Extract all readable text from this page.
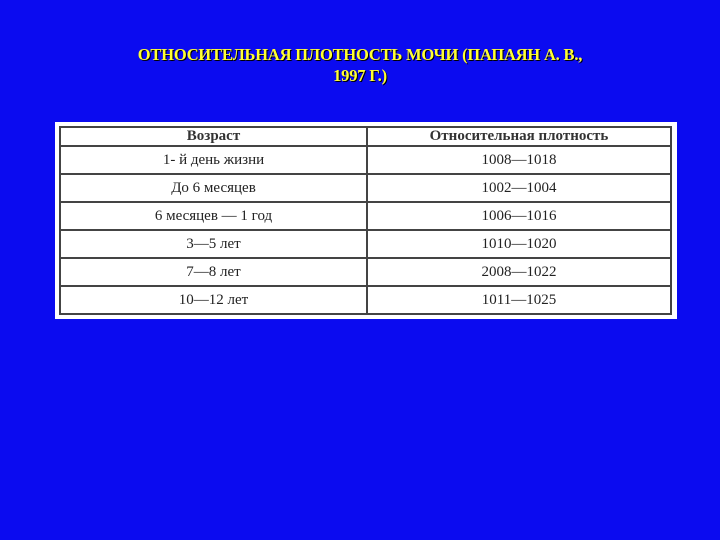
ОТНОСИТЕЛЬНАЯ ПЛОТНОСТЬ МОЧИ (ПАПАЯН А. В.,
1997 Г.)
Возраст	Относительная плотность
1- й день жизни	1008—1018
До 6 месяцев	1002—1004
6 месяцев — 1 год	1006—1016
3—5 лет	1010—1020
7—8 лет	2008—1022
10—12 лет	1011—1025
